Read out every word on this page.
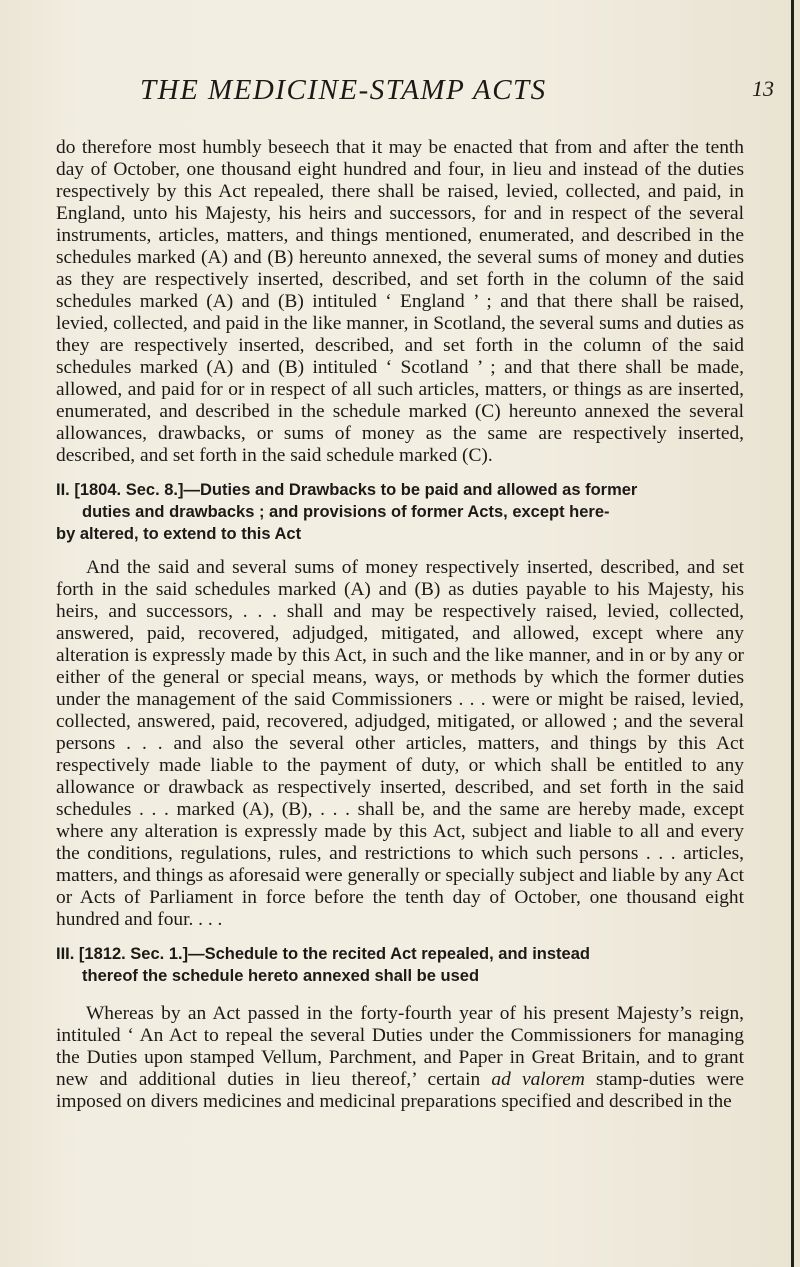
THE MEDICINE-STAMP ACTS	13

do therefore most humbly beseech that it may be enacted that from and after the tenth day of October, one thousand eight hundred and four, in lieu and instead of the duties respectively by this Act repealed, there shall be raised, levied, collected, and paid, in England, unto his Majesty, his heirs and successors, for and in respect of the several instruments, articles, matters, and things mentioned, enumerated, and described in the schedules marked (A) and (B) hereunto annexed, the several sums of money and duties as they are respectively inserted, described, and set forth in the column of the said schedules marked (A) and (B) intituled ‘ England ’ ; and that there shall be raised, levied, collected, and paid in the like manner, in Scotland, the several sums and duties as they are respectively inserted, described, and set forth in the column of the said schedules marked (A) and (B) intituled ‘ Scotland ’ ; and that there shall be made, allowed, and paid for or in respect of all such articles, matters, or things as are inserted, enumerated, and described in the schedule marked (C) hereunto annexed the several allowances, drawbacks, or sums of money as the same are respectively inserted, described, and set forth in the said schedule marked (C).

II. [1804. Sec. 8.]—Duties and Drawbacks to be paid and allowed as former
duties and drawbacks ; and provisions of former Acts, except here-
by altered, to extend to this Act

And the said and several sums of money respectively inserted, described, and set forth in the said schedules marked (A) and (B) as duties payable to his Majesty, his heirs, and successors, . . . shall and may be respectively raised, levied, collected, answered, paid, recovered, adjudged, mitigated, and allowed, except where any alteration is expressly made by this Act, in such and the like manner, and in or by any or either of the general or special means, ways, or methods by which the former duties under the management of the said Commissioners . . . were or might be raised, levied, collected, answered, paid, recovered, adjudged, mitigated, or allowed ; and the several persons . . . and also the several other articles, matters, and things by this Act respectively made liable to the payment of duty, or which shall be entitled to any allowance or drawback as respectively inserted, described, and set forth in the said schedules . . . marked (A), (B), . . . shall be, and the same are hereby made, except where any alteration is expressly made by this Act, subject and liable to all and every the conditions, regulations, rules, and restrictions to which such persons . . . articles, matters, and things as aforesaid were generally or specially subject and liable by any Act or Acts of Parliament in force before the tenth day of October, one thousand eight hundred and four. . . .

III. [1812. Sec. 1.]—Schedule to the recited Act repealed, and instead
thereof the schedule hereto annexed shall be used

Whereas by an Act passed in the forty-fourth year of his present Majesty’s reign, intituled ‘ An Act to repeal the several Duties under the Commissioners for managing the Duties upon stamped Vellum, Parchment, and Paper in Great Britain, and to grant new and additional duties in lieu thereof,’ certain ad valorem stamp-duties were imposed on divers medicines and medicinal preparations specified and described in the
